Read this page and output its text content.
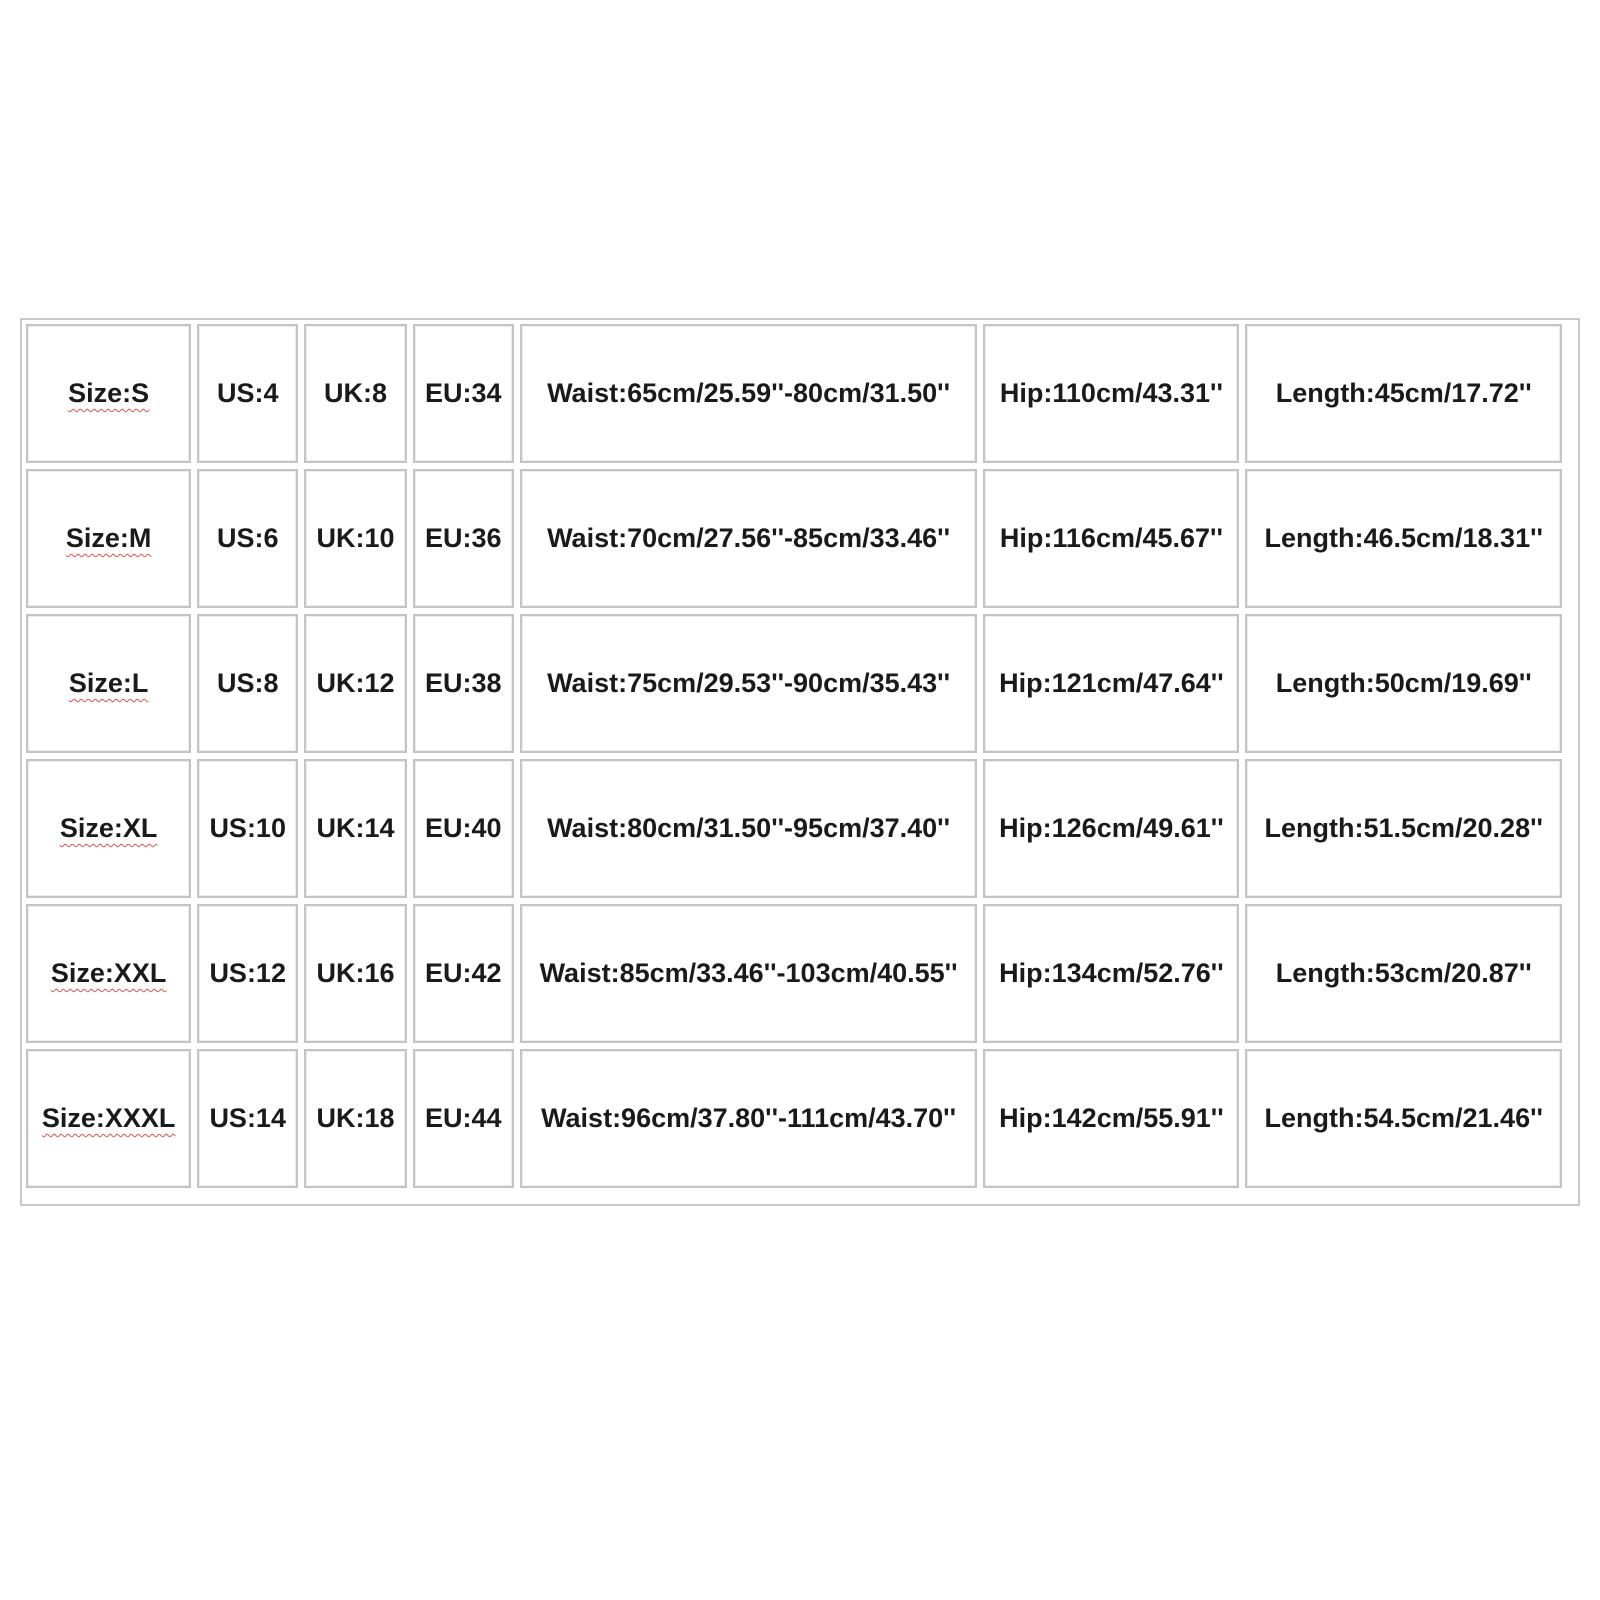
Size:S	US:4	UK:8	EU:34	Waist:65cm/25.59''-80cm/31.50''	Hip:110cm/43.31''	Length:45cm/17.72''
Size:M	US:6	UK:10	EU:36	Waist:70cm/27.56''-85cm/33.46''	Hip:116cm/45.67''	Length:46.5cm/18.31''
Size:L	US:8	UK:12	EU:38	Waist:75cm/29.53''-90cm/35.43''	Hip:121cm/47.64''	Length:50cm/19.69''
Size:XL	US:10	UK:14	EU:40	Waist:80cm/31.50''-95cm/37.40''	Hip:126cm/49.61''	Length:51.5cm/20.28''
Size:XXL	US:12	UK:16	EU:42	Waist:85cm/33.46''-103cm/40.55''	Hip:134cm/52.76''	Length:53cm/20.87''
Size:XXXL	US:14	UK:18	EU:44	Waist:96cm/37.80''-111cm/43.70''	Hip:142cm/55.91''	Length:54.5cm/21.46''
